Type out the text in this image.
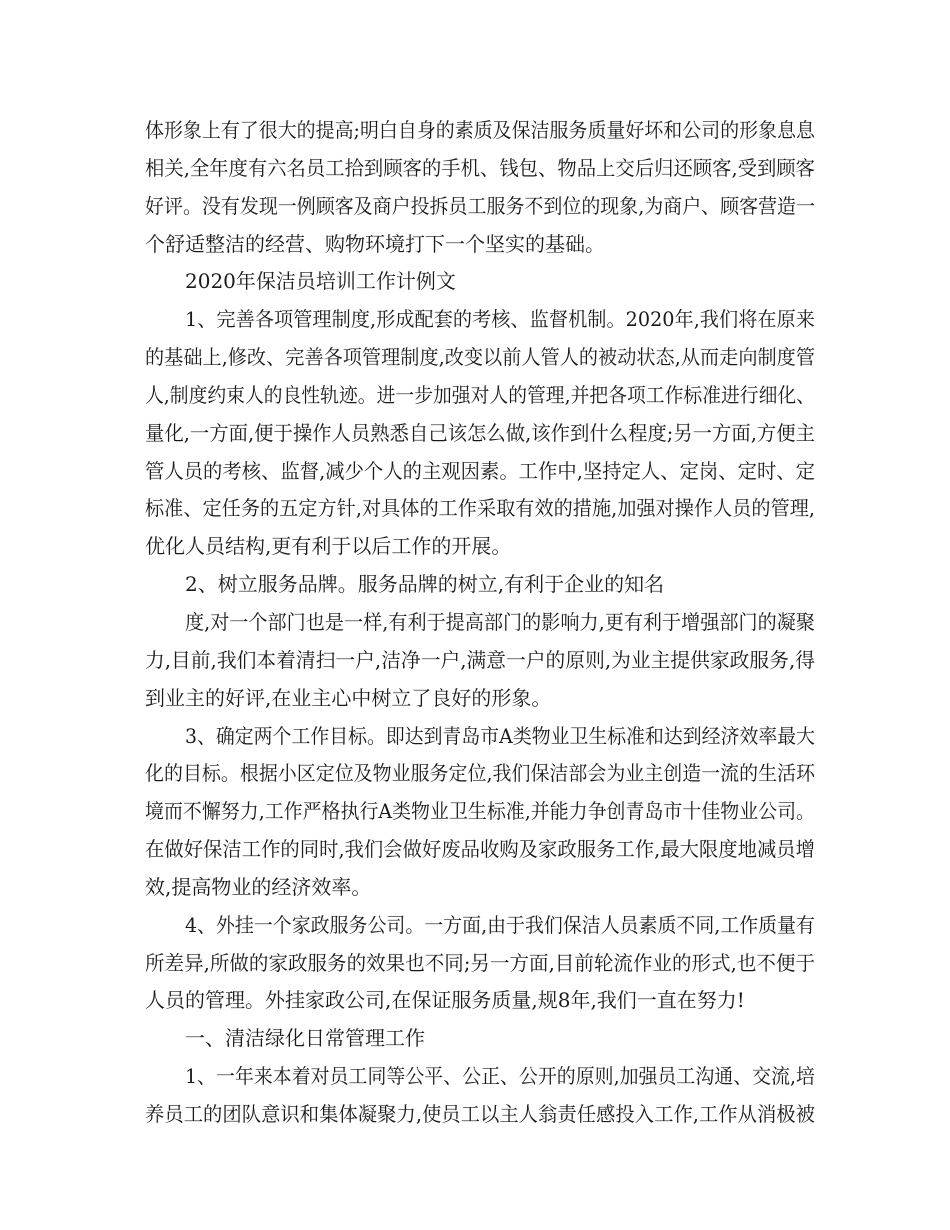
体形象上有了很大的提高;明白自身的素质及保洁服务质量好坏和公司的形象息息
相关,全年度有六名员工拾到顾客的手机、钱包、物品上交后归还顾客,受到顾客
好评。没有发现一例顾客及商户投拆员工服务不到位的现象,为商户、顾客营造一
个舒适整洁的经营、购物环境打下一个坚实的基础。
2020年保洁员培训工作计例文
1、完善各项管理制度,形成配套的考核、监督机制。2020年,我们将在原来
的基础上,修改、完善各项管理制度,改变以前人管人的被动状态,从而走向制度管
人,制度约束人的良性轨迹。进一步加强对人的管理,并把各项工作标准进行细化、
量化,一方面,便于操作人员熟悉自己该怎么做,该作到什么程度;另一方面,方便主
管人员的考核、监督,减少个人的主观因素。工作中,坚持定人、定岗、定时、定
标准、定任务的五定方针,对具体的工作采取有效的措施,加强对操作人员的管理,
优化人员结构,更有利于以后工作的开展。
2、树立服务品牌。服务品牌的树立,有利于企业的知名
度,对一个部门也是一样,有利于提高部门的影响力,更有利于增强部门的凝聚
力,目前,我们本着清扫一户,洁净一户,满意一户的原则,为业主提供家政服务,得
到业主的好评,在业主心中树立了良好的形象。
3、确定两个工作目标。即达到青岛市A类物业卫生标准和达到经济效率最大
化的目标。根据小区定位及物业服务定位,我们保洁部会为业主创造一流的生活环
境而不懈努力,工作严格执行A类物业卫生标准,并能力争创青岛市十佳物业公司。
在做好保洁工作的同时,我们会做好废品收购及家政服务工作,最大限度地减员增
效,提高物业的经济效率。
4、外挂一个家政服务公司。一方面,由于我们保洁人员素质不同,工作质量有
所差异,所做的家政服务的效果也不同;另一方面,目前轮流作业的形式,也不便于
人员的管理。外挂家政公司,在保证服务质量,规8年,我们一直在努力!
一、清洁绿化日常管理工作
1、一年来本着对员工同等公平、公正、公开的原则,加强员工沟通、交流,培
养员工的团队意识和集体凝聚力,使员工以主人翁责任感投入工作,工作从消极被
